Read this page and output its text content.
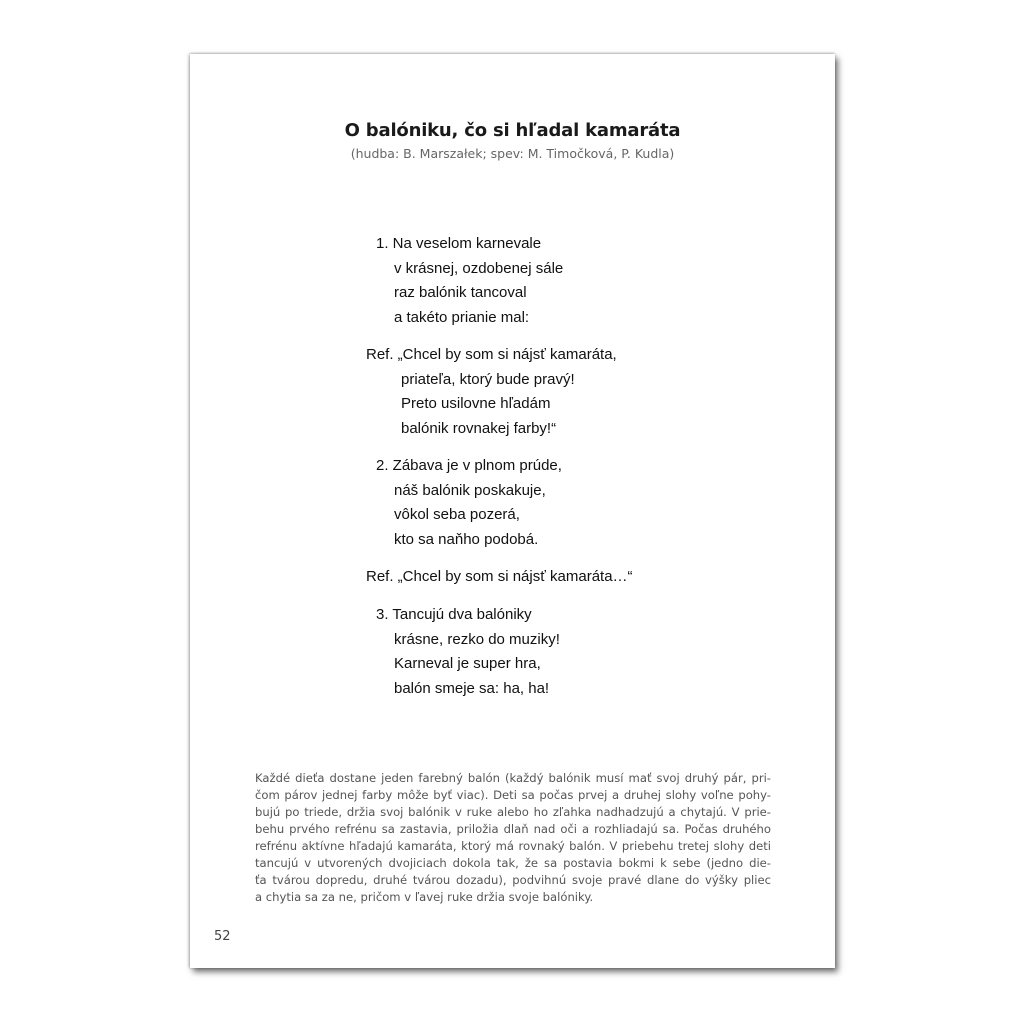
O balóniku, čo si hľadal kamaráta
(hudba: B. Marszałek; spev: M. Timočková, P. Kudla)
1. Na veselom karnevale
v krásnej, ozdobenej sále
raz balónik tancoval
a takéto prianie mal:
Ref. „Chcel by som si nájsť kamaráta,
priateľa, ktorý bude pravý!
Preto usilovne hľadám
balónik rovnakej farby!“
2. Zábava je v plnom prúde,
náš balónik poskakuje,
vôkol seba pozerá,
kto sa naňho podobá.
Ref. „Chcel by som si nájsť kamaráta…“
3. Tancujú dva balóniky
krásne, rezko do muziky!
Karneval je super hra,
balón smeje sa: ha, ha!
Každé dieťa dostane jeden farebný balón (každý balónik musí mať svoj druhý pár, pri-
čom párov jednej farby môže byť viac). Deti sa počas prvej a druhej slohy voľne pohy-
bujú po triede, držia svoj balónik v ruke alebo ho zľahka nadhadzujú a chytajú. V prie-
behu prvého refrénu sa zastavia, priložia dlaň nad oči a rozhliadajú sa. Počas druhého
refrénu aktívne hľadajú kamaráta, ktorý má rovnaký balón. V priebehu tretej slohy deti
tancujú v utvorených dvojiciach dokola tak, že sa postavia bokmi k sebe (jedno die-
ťa tvárou dopredu, druhé tvárou dozadu), podvihnú svoje pravé dlane do výšky pliec
a chytia sa za ne, pričom v ľavej ruke držia svoje balóniky.
52
